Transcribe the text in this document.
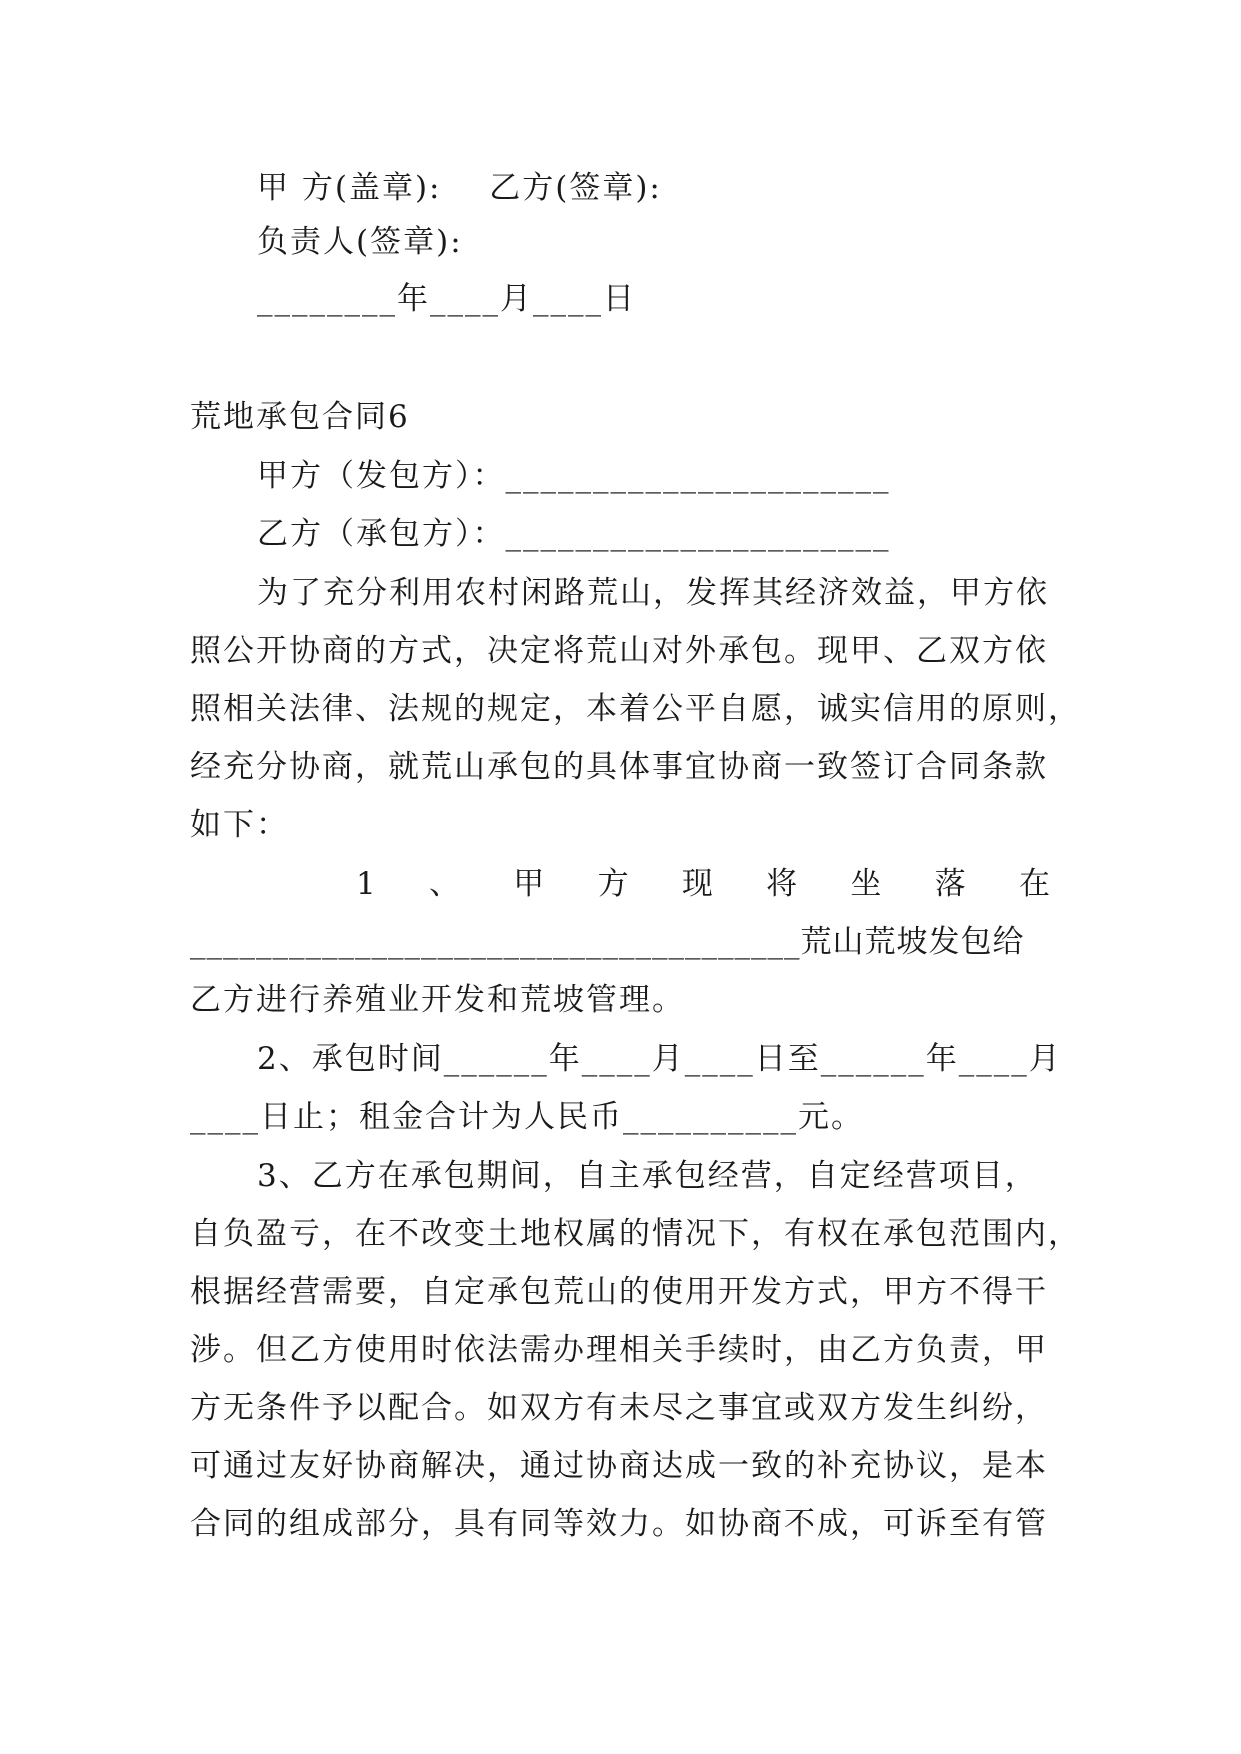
甲 方(盖章): 乙方(签章):
负责人(签章):
________年____月____日
荒地承包合同6
甲方（发包方）：______________________
乙方（承包方）：______________________
为了充分利用农村闲路荒山，发挥其经济效益，甲方依
照公开协商的方式，决定将荒山对外承包。现甲、乙双方依
照相关法律、法规的规定，本着公平自愿，诚实信用的原则，
经充分协商，就荒山承包的具体事宜协商一致签订合同条款
如下：
1 、 甲 方 现 将 坐 落 在
_____________________________________荒山荒坡发包给
乙方进行养殖业开发和荒坡管理。
2、承包时间______年____月____日至______年____月
____日止；租金合计为人民币__________元。
3、乙方在承包期间，自主承包经营，自定经营项目，
自负盈亏，在不改变土地权属的情况下，有权在承包范围内，
根据经营需要，自定承包荒山的使用开发方式，甲方不得干
涉。但乙方使用时依法需办理相关手续时，由乙方负责，甲
方无条件予以配合。如双方有未尽之事宜或双方发生纠纷，
可通过友好协商解决，通过协商达成一致的补充协议，是本
合同的组成部分，具有同等效力。如协商不成，可诉至有管
